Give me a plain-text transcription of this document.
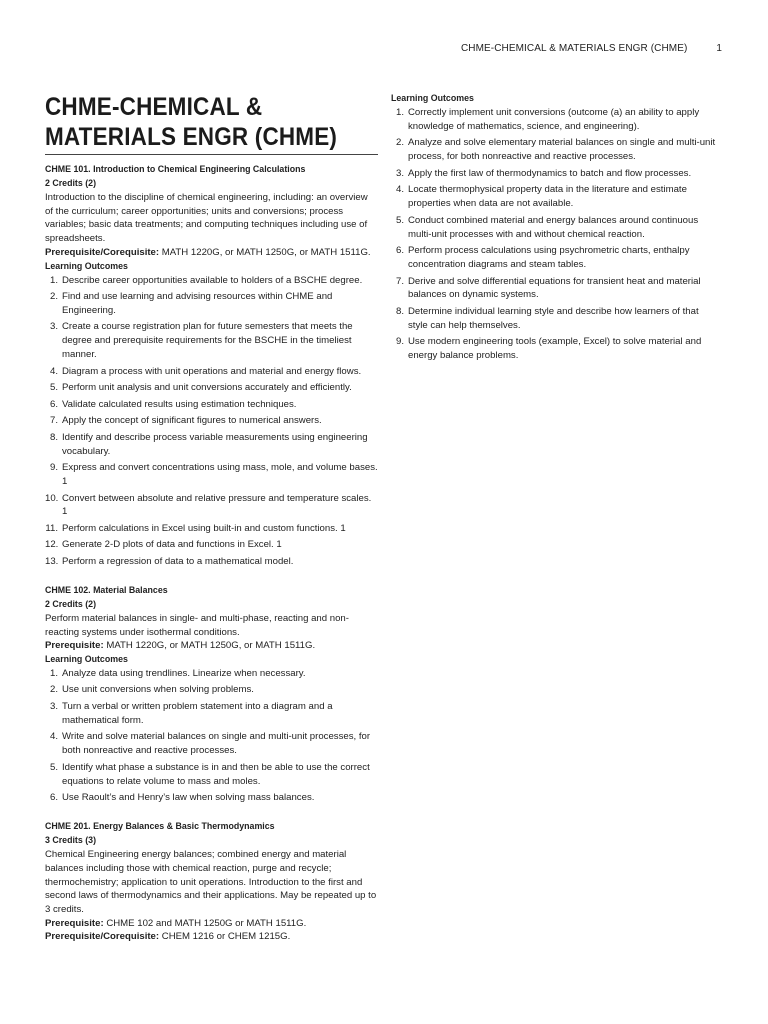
CHME-CHEMICAL & MATERIALS ENGR (CHME)	1
CHME-CHEMICAL & MATERIALS ENGR (CHME)
CHME 101. Introduction to Chemical Engineering Calculations
2 Credits (2)
Introduction to the discipline of chemical engineering, including: an overview of the curriculum; career opportunities; units and conversions; process variables; basic data treatments; and computing techniques including use of spreadsheets.
Prerequisite/Corequisite: MATH 1220G, or MATH 1250G, or MATH 1511G.
Learning Outcomes
1. Describe career opportunities available to holders of a BSCHE degree.
2. Find and use learning and advising resources within CHME and Engineering.
3. Create a course registration plan for future semesters that meets the degree and prerequisite requirements for the BSCHE in the timeliest manner.
4. Diagram a process with unit operations and material and energy flows.
5. Perform unit analysis and unit conversions accurately and efficiently.
6. Validate calculated results using estimation techniques.
7. Apply the concept of significant figures to numerical answers.
8. Identify and describe process variable measurements using engineering vocabulary.
9. Express and convert concentrations using mass, mole, and volume bases. 1
10. Convert between absolute and relative pressure and temperature scales. 1
11. Perform calculations in Excel using built-in and custom functions. 1
12. Generate 2-D plots of data and functions in Excel. 1
13. Perform a regression of data to a mathematical model.
CHME 102. Material Balances
2 Credits (2)
Perform material balances in single- and multi-phase, reacting and non-reacting systems under isothermal conditions.
Prerequisite: MATH 1220G, or MATH 1250G, or MATH 1511G.
Learning Outcomes
1. Analyze data using trendlines. Linearize when necessary.
2. Use unit conversions when solving problems.
3. Turn a verbal or written problem statement into a diagram and a mathematical form.
4. Write and solve material balances on single and multi-unit processes, for both nonreactive and reactive processes.
5. Identify what phase a substance is in and then be able to use the correct equations to relate volume to mass and moles.
6. Use Raoult’s and Henry’s law when solving mass balances.
CHME 201. Energy Balances & Basic Thermodynamics
3 Credits (3)
Chemical Engineering energy balances; combined energy and material balances including those with chemical reaction, purge and recycle; thermochemistry; application to unit operations. Introduction to the first and second laws of thermodynamics and their applications. May be repeated up to 3 credits.
Prerequisite: CHME 102 and MATH 1250G or MATH 1511G.
Prerequisite/Corequisite: CHEM 1216 or CHEM 1215G.
Learning Outcomes
1. Correctly implement unit conversions (outcome (a) an ability to apply knowledge of mathematics, science, and engineering).
2. Analyze and solve elementary material balances on single and multi-unit process, for both nonreactive and reactive processes.
3. Apply the first law of thermodynamics to batch and flow processes.
4. Locate thermophysical property data in the literature and estimate properties when data are not available.
5. Conduct combined material and energy balances around continuous multi-unit processes with and without chemical reaction.
6. Perform process calculations using psychrometric charts, enthalpy concentration diagrams and steam tables.
7. Derive and solve differential equations for transient heat and material balances on dynamic systems.
8. Determine individual learning style and describe how learners of that style can help themselves.
9. Use modern engineering tools (example, Excel) to solve material and energy balance problems.
